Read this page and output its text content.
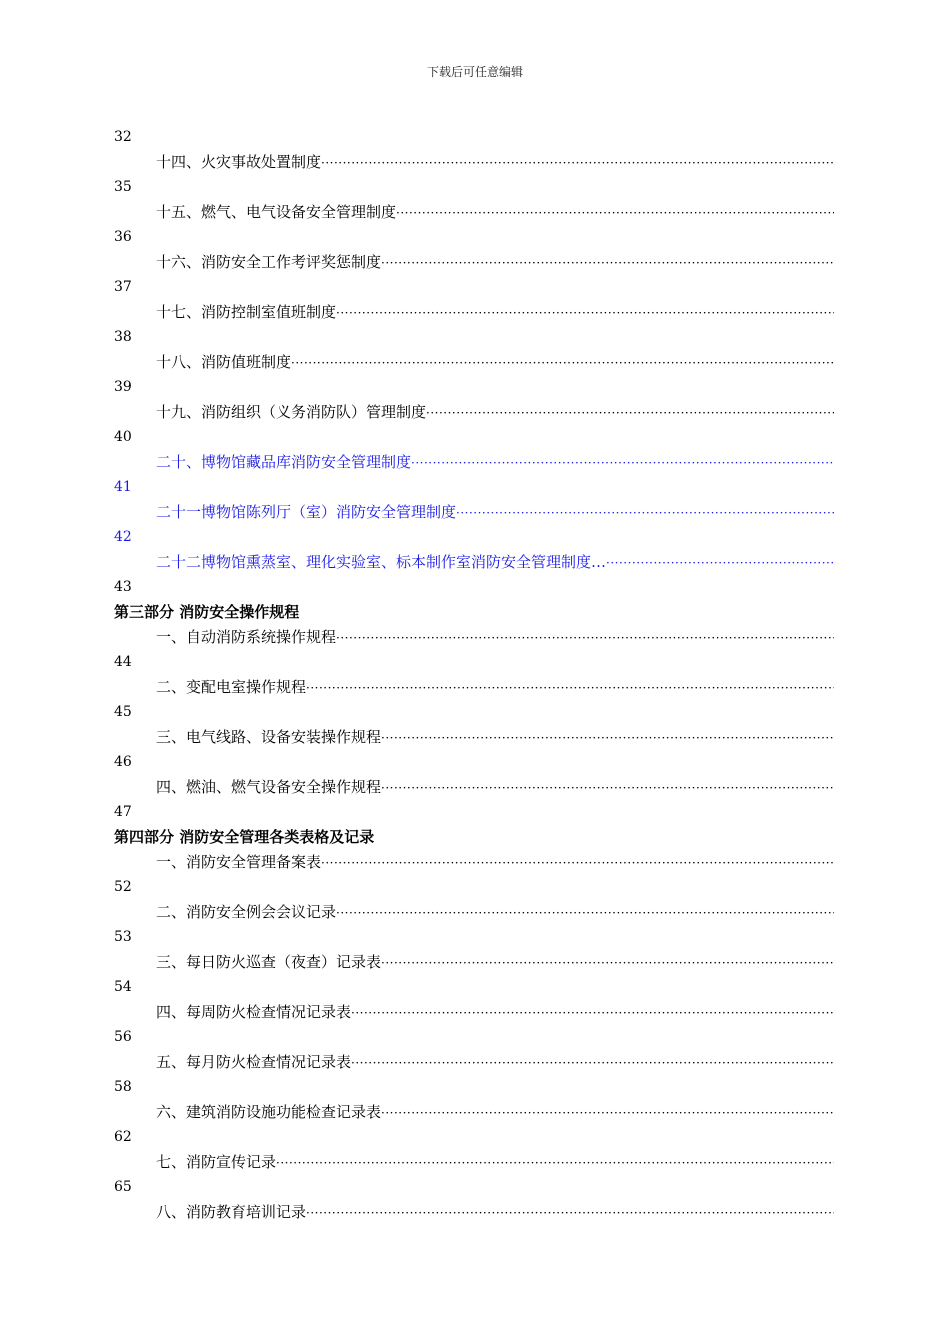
下载后可任意编辑
32
十四、火灾事故处置制度
·····
35
十五、燃气、电气设备安全管理制度
·····
36
十六、消防安全工作考评奖惩制度
·····
37
十七、消防控制室值班制度
·····
38
十八、消防值班制度
·····
39
十九、消防组织（义务消防队）管理制度
·····
40
二十、博物馆藏品库消防安全管理制度
·····
41
二十一博物馆陈列厅（室）消防安全管理制度
·····
42
二十二博物馆熏蒸室、理化实验室、标本制作室消防安全管理制度…
·····
43
第三部分 消防安全操作规程
一、自动消防系统操作规程
·····
44
二、变配电室操作规程
·····
45
三、电气线路、设备安装操作规程
·····
46
四、燃油、燃气设备安全操作规程
·····
47
第四部分 消防安全管理各类表格及记录
一、消防安全管理备案表
·····
52
二、消防安全例会会议记录
·····
53
三、每日防火巡查（夜查）记录表
·····
54
四、每周防火检查情况记录表
·····
56
五、每月防火检查情况记录表
·····
58
六、建筑消防设施功能检查记录表
·····
62
七、消防宣传记录
·····
65
八、消防教育培训记录
·····
